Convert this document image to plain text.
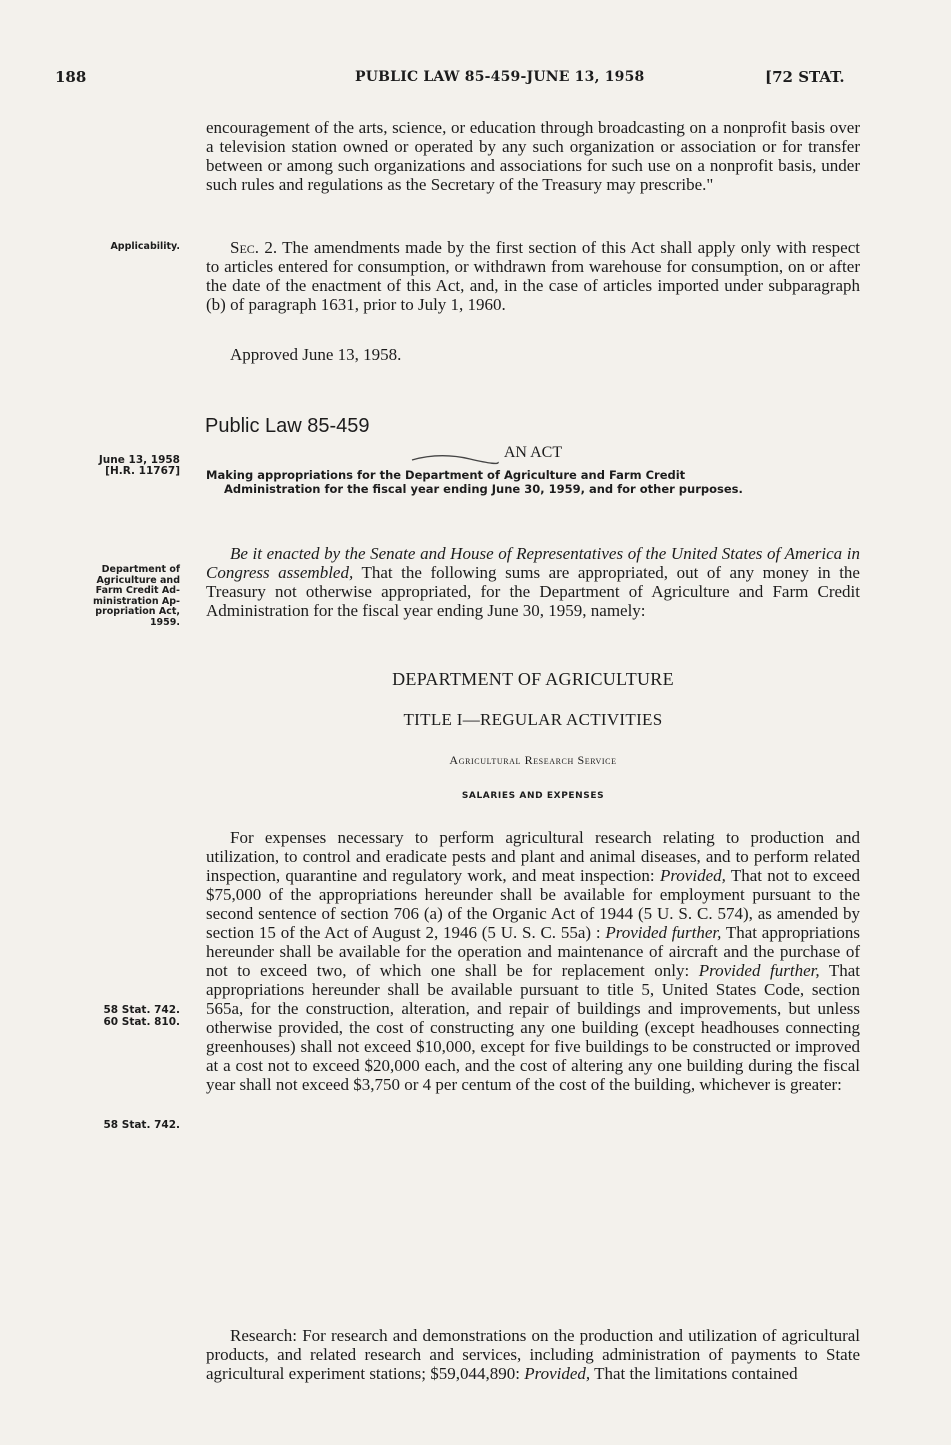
188	PUBLIC LAW 85-459-JUNE 13, 1958	[72 STAT.

encouragement of the arts, science, or education through broadcasting on a nonprofit basis over a television station owned or operated by any such organization or association or for transfer between or among such organizations and associations for such use on a nonprofit basis, under such rules and regulations as the Secretary of the Treasury may prescribe."

Applicability.	Sec. 2. The amendments made by the first section of this Act shall apply only with respect to articles entered for consumption, or withdrawn from warehouse for consumption, on or after the date of the enactment of this Act, and, in the case of articles imported under subparagraph (b) of paragraph 1631, prior to July 1, 1960.

Approved June 13, 1958.

Public Law 85-459
June 13, 1958
[H.R. 11767]
AN ACT

Making appropriations for the Department of Agriculture and Farm Credit
Administration for the fiscal year ending June 30, 1959, and for other purposes.

Department of
Agriculture and
Farm Credit Ad-
ministration Ap-
propriation Act,
1959.

Be it enacted by the Senate and House of Representatives of the United States of America in Congress assembled, That the following sums are appropriated, out of any money in the Treasury not otherwise appropriated, for the Department of Agriculture and Farm Credit Administration for the fiscal year ending June 30, 1959, namely:

DEPARTMENT OF AGRICULTURE
TITLE I—REGULAR ACTIVITIES
Agricultural Research Service
SALARIES AND EXPENSES

For expenses necessary to perform agricultural research relating to production and utilization, to control and eradicate pests and plant and animal diseases, and to perform related inspection, quarantine and regulatory work, and meat inspection: Provided, That not to exceed $75,000 of the appropriations hereunder shall be available for employment pursuant to the second sentence of section 706 (a) of the Organic Act of 1944 (5 U. S. C. 574), as amended by section 15 of the Act of August 2, 1946 (5 U. S. C. 55a) : Provided further, That appropriations hereunder shall be available for the operation and maintenance of aircraft and the purchase of not to exceed two, of which one shall be for replacement only: Provided further, That appropriations hereunder shall be available pursuant to title 5, United States Code, section 565a, for the construction, alteration, and repair of buildings and improvements, but unless otherwise provided, the cost of constructing any one building (except headhouses connecting greenhouses) shall not exceed $10,000, except for five buildings to be constructed or improved at a cost not to exceed $20,000 each, and the cost of altering any one building during the fiscal year shall not exceed $3,750 or 4 per centum of the cost of the building, whichever is greater:

58 Stat. 742.
60 Stat. 810.
58 Stat. 742.

Research: For research and demonstrations on the production and utilization of agricultural products, and related research and services, including administration of payments to State agricultural experiment stations; $59,044,890: Provided, That the limitations contained
